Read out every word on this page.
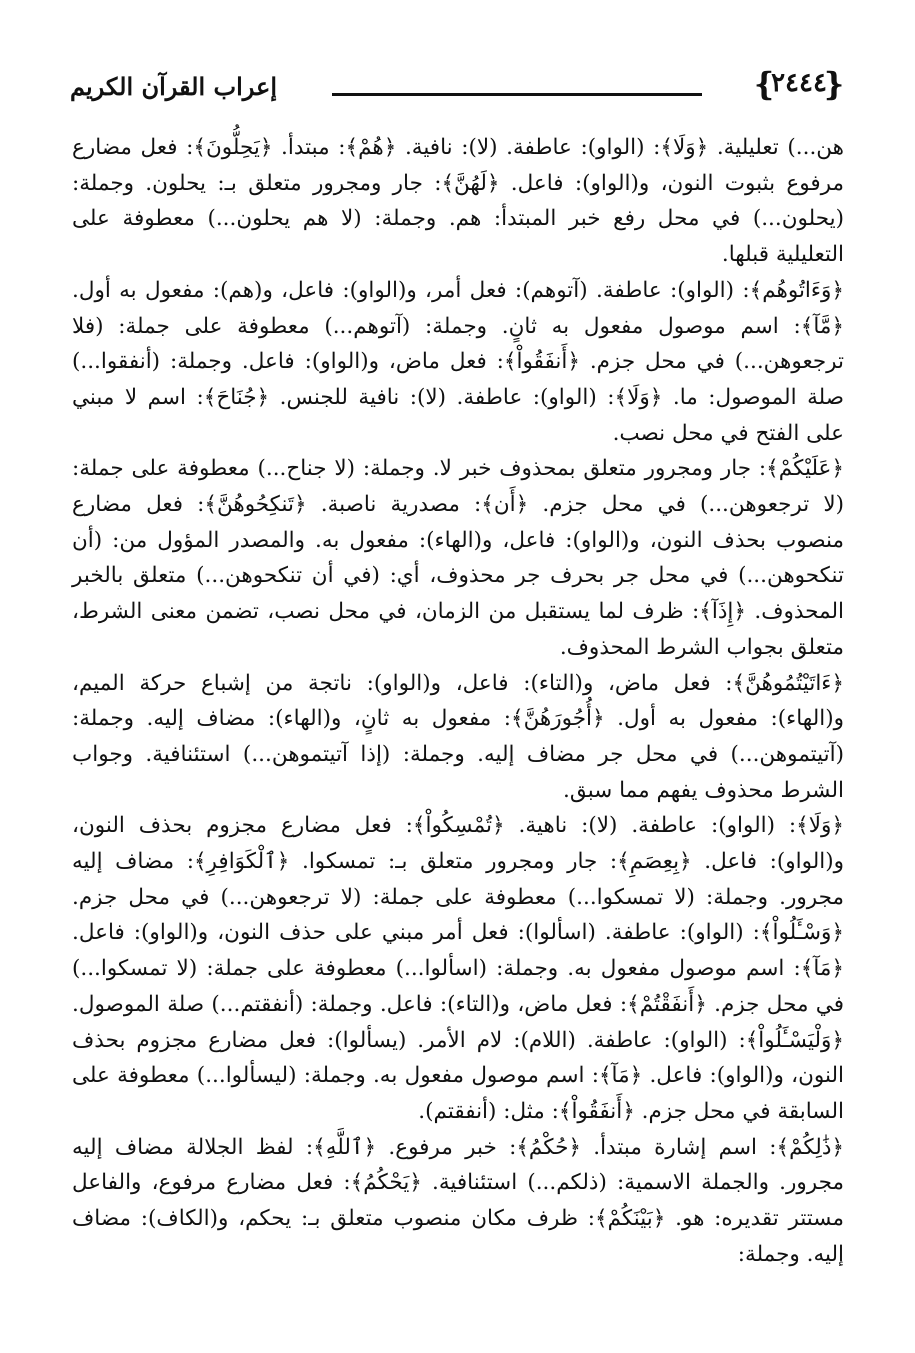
❴
٢٤٤٤
❵
إعراب القرآن الكريم

هن...) تعليلية. ﴿وَلَا﴾: (الواو): عاطفة. (لا): نافية. ﴿هُمْ﴾: مبتدأ. ﴿يَحِلُّونَ﴾: فعل مضارع مرفوع بثبوت النون، و(الواو): فاعل. ﴿لَهُنَّ﴾: جار ومجرور متعلق بـ: يحلون. وجملة: (يحلون...) في محل رفع خبر المبتدأ: هم. وجملة: (لا هم يحلون...) معطوفة على التعليلية قبلها.

﴿وَءَاتُوهُم﴾: (الواو): عاطفة. (آتوهم): فعل أمر، و(الواو): فاعل، و(هم): مفعول به أول. ﴿مَّآ﴾: اسم موصول مفعول به ثانٍ. وجملة: (آتوهم...) معطوفة على جملة: (فلا ترجعوهن...) في محل جزم. ﴿أَنفَقُواْ﴾: فعل ماض، و(الواو): فاعل. وجملة: (أنفقوا...) صلة الموصول: ما. ﴿وَلَا﴾: (الواو): عاطفة. (لا): نافية للجنس. ﴿جُنَاحَ﴾: اسم لا مبني على الفتح في محل نصب.

﴿عَلَيْكُمْ﴾: جار ومجرور متعلق بمحذوف خبر لا. وجملة: (لا جناح...) معطوفة على جملة: (لا ترجعوهن...) في محل جزم. ﴿أَن﴾: مصدرية ناصبة. ﴿تَنكِحُوهُنَّ﴾: فعل مضارع منصوب بحذف النون، و(الواو): فاعل، و(الهاء): مفعول به. والمصدر المؤول من: (أن تنكحوهن...) في محل جر بحرف جر محذوف، أي: (في أن تنكحوهن...) متعلق بالخبر المحذوف. ﴿إِذَآ﴾: ظرف لما يستقبل من الزمان، في محل نصب، تضمن معنى الشرط، متعلق بجواب الشرط المحذوف.

﴿ءَاتَيْتُمُوهُنَّ﴾: فعل ماض، و(التاء): فاعل، و(الواو): ناتجة من إشباع حركة الميم، و(الهاء): مفعول به أول. ﴿أُجُورَهُنَّ﴾: مفعول به ثانٍ، و(الهاء): مضاف إليه. وجملة: (آتيتموهن...) في محل جر مضاف إليه. وجملة: (إذا آتيتموهن...) استئنافية. وجواب الشرط محذوف يفهم مما سبق.

﴿وَلَا﴾: (الواو): عاطفة. (لا): ناهية. ﴿تُمْسِكُواْ﴾: فعل مضارع مجزوم بحذف النون، و(الواو): فاعل. ﴿بِعِصَمِ﴾: جار ومجرور متعلق بـ: تمسكوا. ﴿ٱلْكَوَافِرِ﴾: مضاف إليه مجرور. وجملة: (لا تمسكوا...) معطوفة على جملة: (لا ترجعوهن...) في محل جزم. ﴿وَسْـَٔلُواْ﴾: (الواو): عاطفة. (اسألوا): فعل أمر مبني على حذف النون، و(الواو): فاعل. ﴿مَآ﴾: اسم موصول مفعول به. وجملة: (اسألوا...) معطوفة على جملة: (لا تمسكوا...) في محل جزم. ﴿أَنفَقْتُمْ﴾: فعل ماض، و(التاء): فاعل. وجملة: (أنفقتم...) صلة الموصول. ﴿وَلْيَسْـَٔلُواْ﴾: (الواو): عاطفة. (اللام): لام الأمر. (يسألوا): فعل مضارع مجزوم بحذف النون، و(الواو): فاعل. ﴿مَآ﴾: اسم موصول مفعول به. وجملة: (ليسألوا...) معطوفة على السابقة في محل جزم. ﴿أَنفَقُواْ﴾: مثل: (أنفقتم).

﴿ذَٰلِكُمْ﴾: اسم إشارة مبتدأ. ﴿حُكْمُ﴾: خبر مرفوع. ﴿ٱللَّهِ﴾: لفظ الجلالة مضاف إليه مجرور. والجملة الاسمية: (ذلكم...) استئنافية. ﴿يَحْكُمُ﴾: فعل مضارع مرفوع، والفاعل مستتر تقديره: هو. ﴿بَيْنَكُمْ﴾: ظرف مكان منصوب متعلق بـ: يحكم، و(الكاف): مضاف إليه. وجملة:
